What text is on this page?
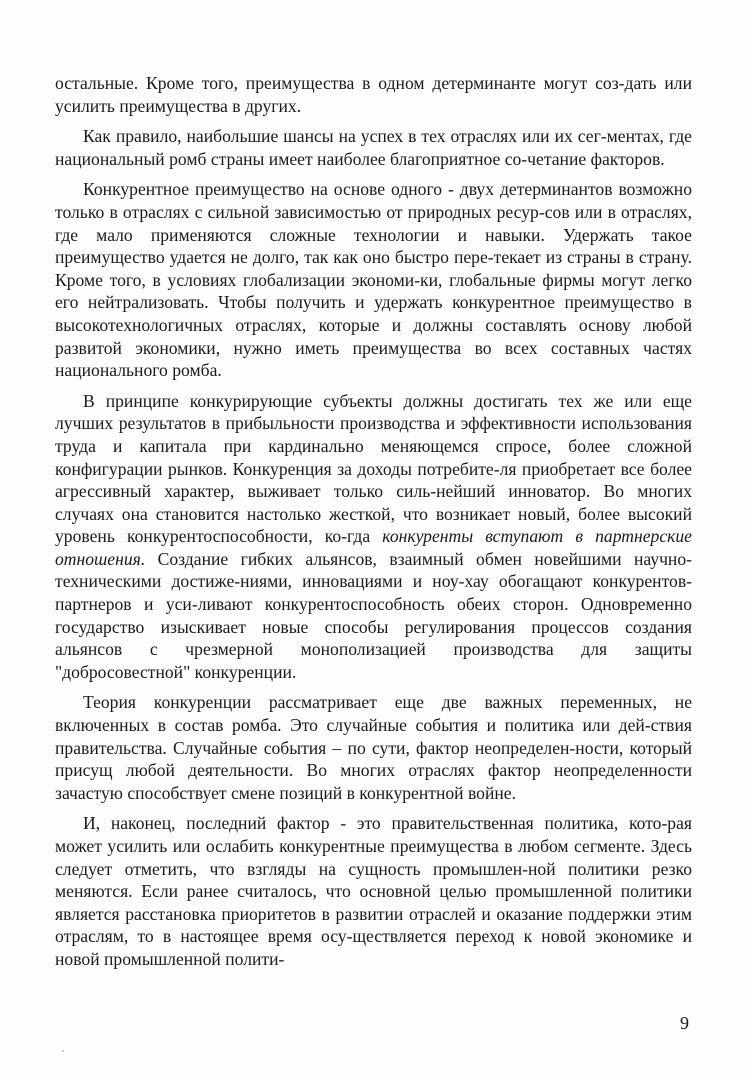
остальные. Кроме того, преимущества в одном детерминанте могут соз-дать или усилить преимущества в других.

Как правило, наибольшие шансы на успех в тех отраслях или их сег-ментах, где национальный ромб страны имеет наиболее благоприятное со-четание факторов.

Конкурентное преимущество на основе одного - двух детерминантов возможно только в отраслях с сильной зависимостью от природных ресур-сов или в отраслях, где мало применяются сложные технологии и навыки. Удержать такое преимущество удается не долго, так как оно быстро пере-текает из страны в страну. Кроме того, в условиях глобализации экономи-ки, глобальные фирмы могут легко его нейтрализовать. Чтобы получить и удержать конкурентное преимущество в высокотехнологичных отраслях, которые и должны составлять основу любой развитой экономики, нужно иметь преимущества во всех составных частях национального ромба.

В принципе конкурирующие субъекты должны достигать тех же или еще лучших результатов в прибыльности производства и эффективности использования труда и капитала при кардинально меняющемся спросе, более сложной конфигурации рынков. Конкуренция за доходы потребите-ля приобретает все более агрессивный характер, выживает только силь-нейший инноватор. Во многих случаях она становится настолько жесткой, что возникает новый, более высокий уровень конкурентоспособности, ко-гда конкуренты вступают в партнерские отношения. Создание гибких альянсов, взаимный обмен новейшими научно-техническими достиже-ниями, инновациями и ноу-хау обогащают конкурентов-партнеров и уси-ливают конкурентоспособность обеих сторон. Одновременно государство изыскивает новые способы регулирования процессов создания альянсов с чрезмерной монополизацией производства для защиты "добросовестной" конкуренции.

Теория конкуренции рассматривает еще две важных переменных, не включенных в состав ромба. Это случайные события и политика или дей-ствия правительства. Случайные события – по сути, фактор неопределен-ности, который присущ любой деятельности. Во многих отраслях фактор неопределенности зачастую способствует смене позиций в конкурентной войне.

И, наконец, последний фактор - это правительственная политика, кото-рая может усилить или ослабить конкурентные преимущества в любом сегменте. Здесь следует отметить, что взгляды на сущность промышлен-ной политики резко меняются. Если ранее считалось, что основной целью промышленной политики является расстановка приоритетов в развитии отраслей и оказание поддержки этим отраслям, то в настоящее время осу-ществляется переход к новой экономике и новой промышленной полити-

9
